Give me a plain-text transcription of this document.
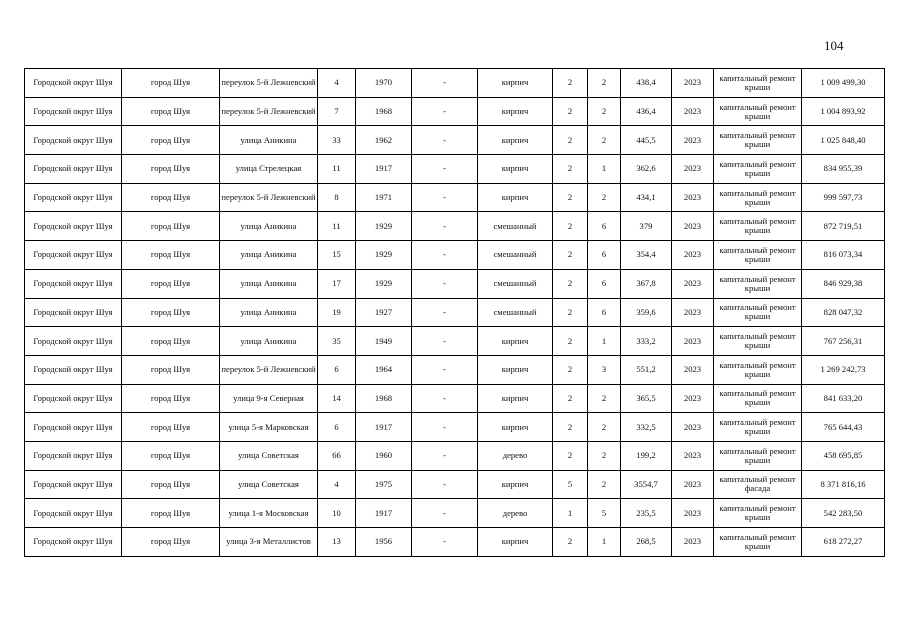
104
Городской округ Шуя	город Шуя	переулок 5-й Лежневский	4	1970	-	кирпич	2	2	438,4	2023	капитальный ремонт крыши	1 009 499,30
Городской округ Шуя	город Шуя	переулок 5-й Лежневский	7	1968	-	кирпич	2	2	436,4	2023	капитальный ремонт крыши	1 004 893,92
Городской округ Шуя	город Шуя	улица Аникина	33	1962	-	кирпич	2	2	445,5	2023	капитальный ремонт крыши	1 025 848,40
Городской округ Шуя	город Шуя	улица Стрелецкая	11	1917	-	кирпич	2	1	362,6	2023	капитальный ремонт крыши	834 955,39
Городской округ Шуя	город Шуя	переулок 5-й Лежневский	8	1971	-	кирпич	2	2	434,1	2023	капитальный ремонт крыши	999 597,73
Городской округ Шуя	город Шуя	улица Аникина	11	1929	-	смешанный	2	6	379	2023	капитальный ремонт крыши	872 719,51
Городской округ Шуя	город Шуя	улица Аникина	15	1929	-	смешанный	2	6	354,4	2023	капитальный ремонт крыши	816 073,34
Городской округ Шуя	город Шуя	улица Аникина	17	1929	-	смешанный	2	6	367,8	2023	капитальный ремонт крыши	846 929,38
Городской округ Шуя	город Шуя	улица Аникина	19	1927	-	смешанный	2	6	359,6	2023	капитальный ремонт крыши	828 047,32
Городской округ Шуя	город Шуя	улица Аникина	35	1949	-	кирпич	2	1	333,2	2023	капитальный ремонт крыши	767 256,31
Городской округ Шуя	город Шуя	переулок 5-й Лежневский	6	1964	-	кирпич	2	3	551,2	2023	капитальный ремонт крыши	1 269 242,73
Городской округ Шуя	город Шуя	улица 9-я Северная	14	1968	-	кирпич	2	2	365,5	2023	капитальный ремонт крыши	841 633,20
Городской округ Шуя	город Шуя	улица 5-я Марковская	6	1917	-	кирпич	2	2	332,5	2023	капитальный ремонт крыши	765 644,43
Городской округ Шуя	город Шуя	улица Советская	66	1960	-	дерево	2	2	199,2	2023	капитальный ремонт крыши	458 695,85
Городской округ Шуя	город Шуя	улица Советская	4	1975	-	кирпич	5	2	3554,7	2023	капитальный ремонт фасада	8 371 816,16
Городской округ Шуя	город Шуя	улица 1-я Московская	10	1917	-	дерево	1	5	235,5	2023	капитальный ремонт крыши	542 283,50
Городской округ Шуя	город Шуя	улица 3-я Металлистов	13	1956	-	кирпич	2	1	268,5	2023	капитальный ремонт крыши	618 272,27
